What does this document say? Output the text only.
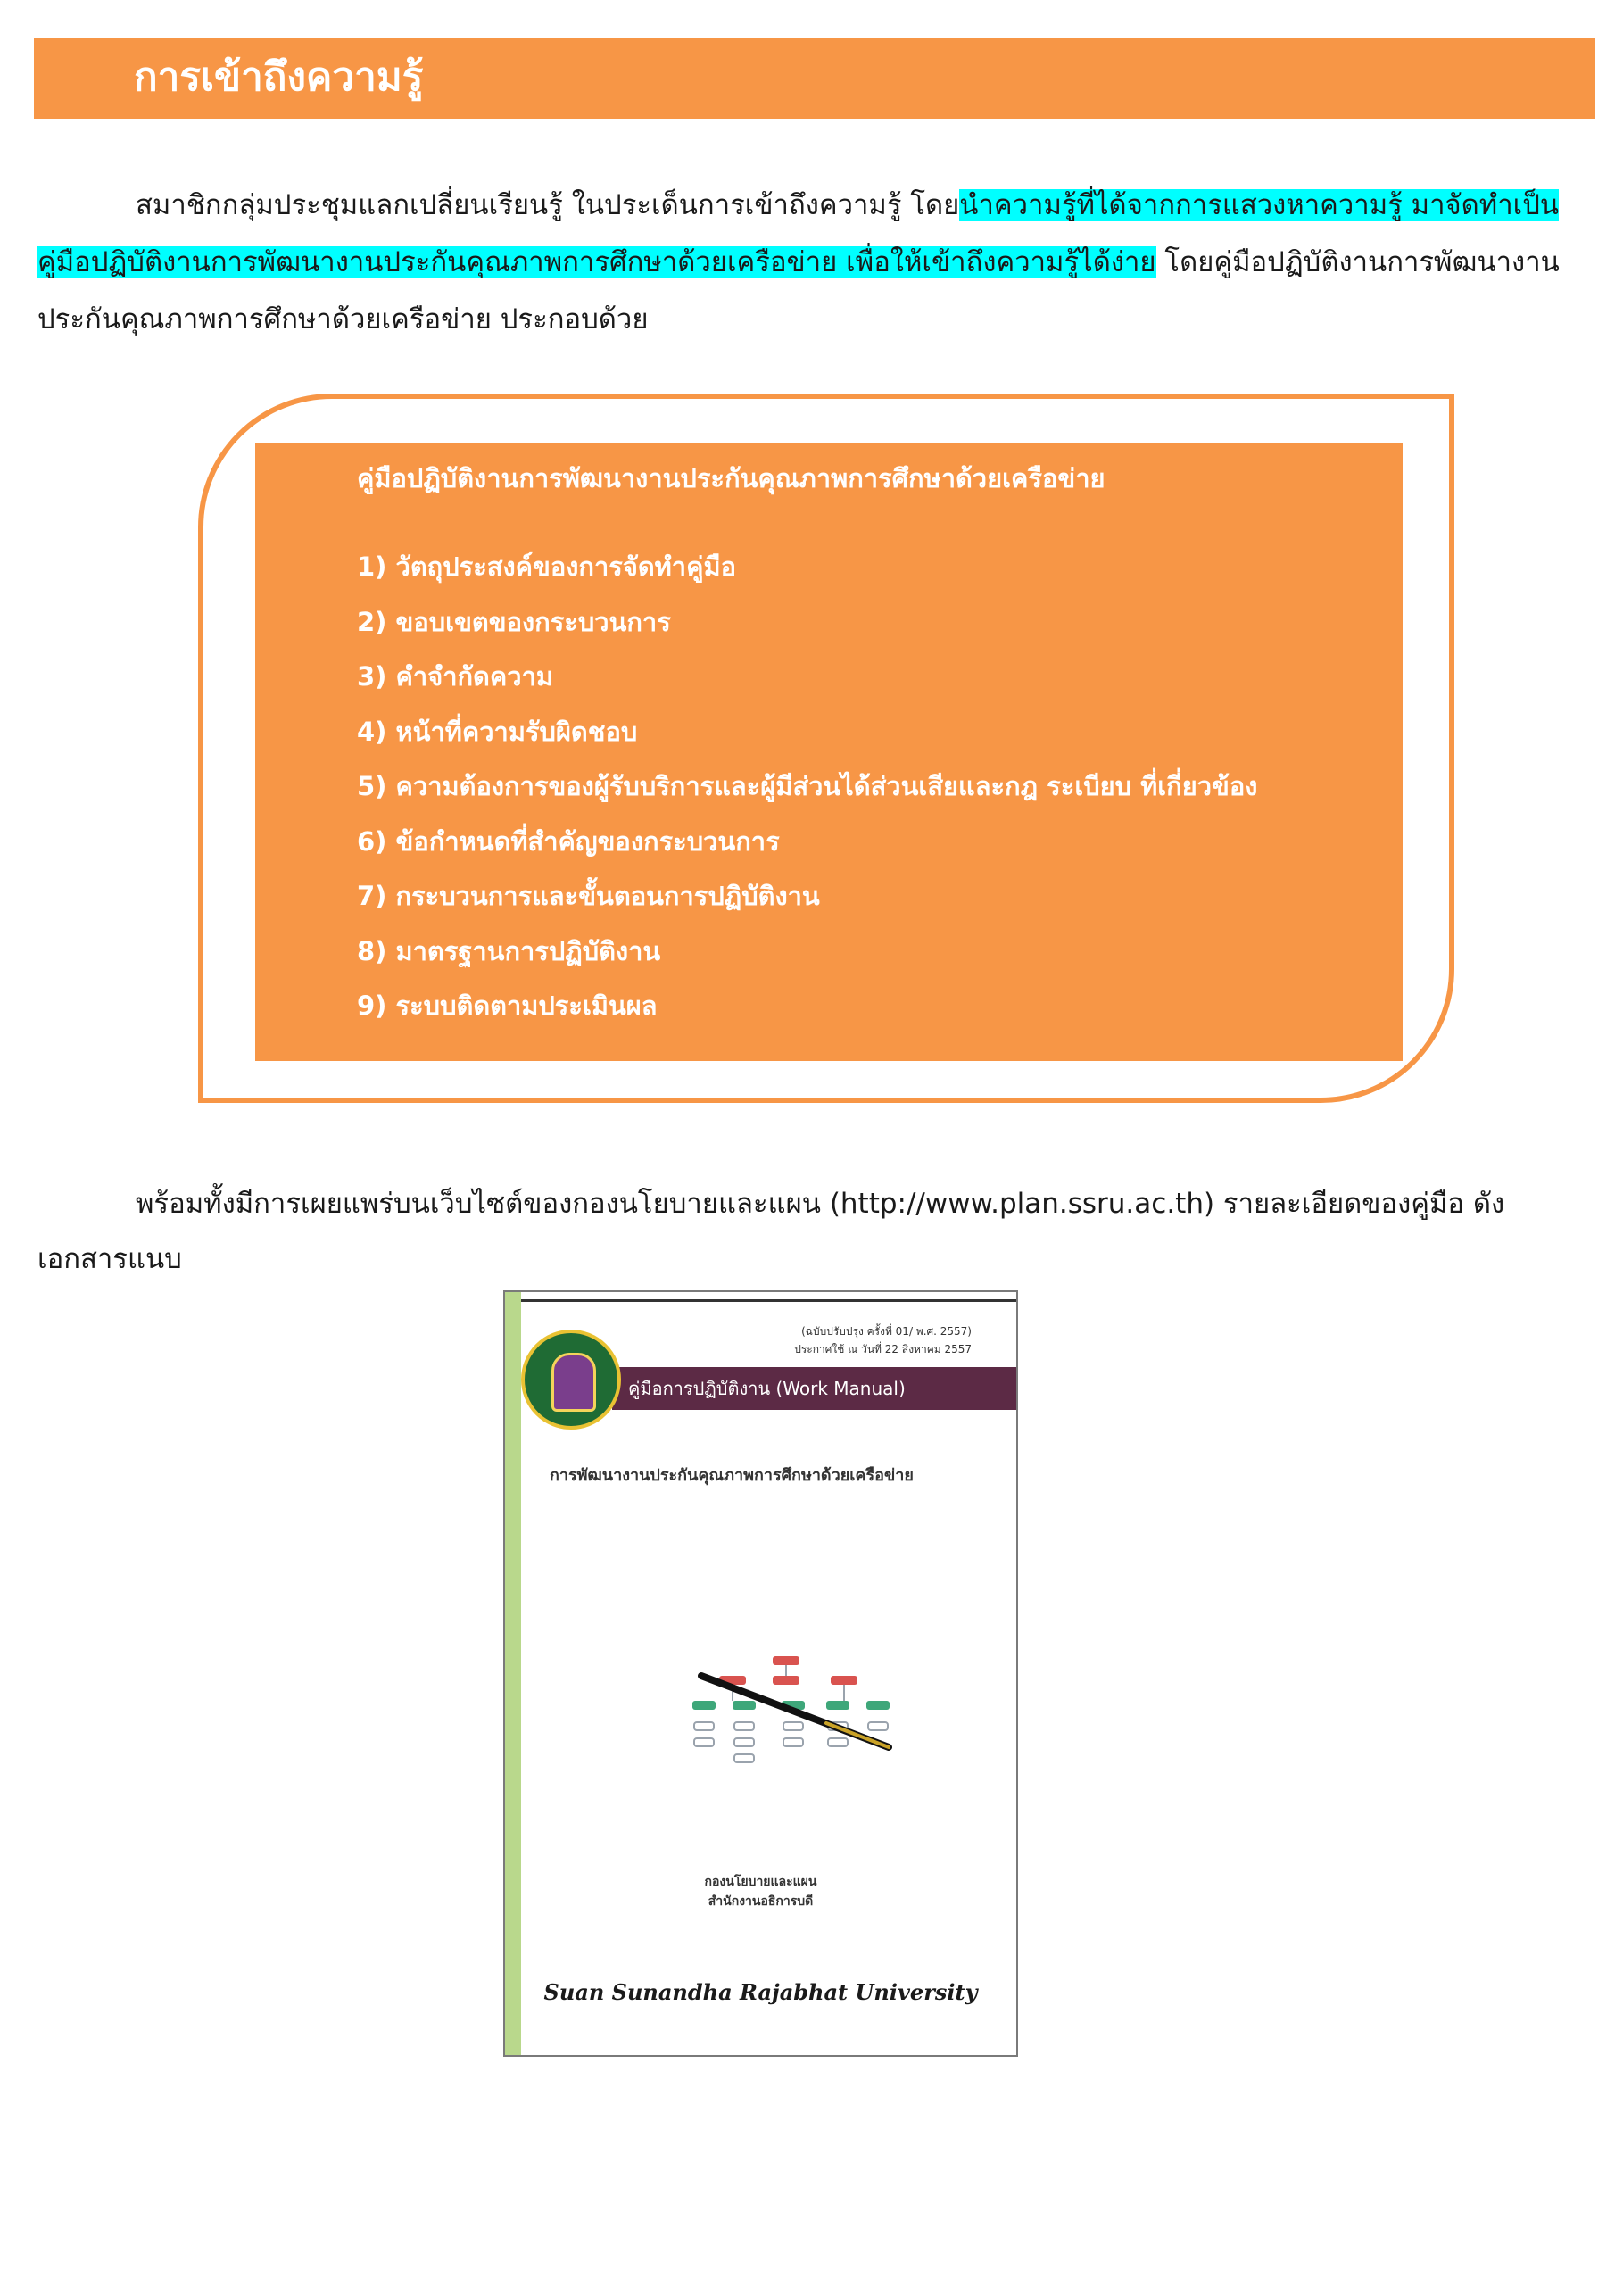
การเข้าถึงความรู้

สมาชิกกลุ่มประชุมแลกเปลี่ยนเรียนรู้ ในประเด็นการเข้าถึงความรู้ โดยนำความรู้ที่ได้จากการแสวงหาความรู้ มาจัดทำเป็น คู่มือปฏิบัติงานการพัฒนางานประกันคุณภาพการศึกษาด้วยเครือข่าย เพื่อให้เข้าถึงความรู้ได้ง่าย โดยคู่มือปฏิบัติงานการพัฒนางานประกันคุณภาพการศึกษาด้วยเครือข่าย ประกอบด้วย

คู่มือปฏิบัติงานการพัฒนางานประกันคุณภาพการศึกษาด้วยเครือข่าย

1) วัตถุประสงค์ของการจัดทำคู่มือ
2) ขอบเขตของกระบวนการ
3) คำจำกัดความ
4) หน้าที่ความรับผิดชอบ
5) ความต้องการของผู้รับบริการและผู้มีส่วนได้ส่วนเสียและกฎ ระเบียบ ที่เกี่ยวข้อง
6) ข้อกำหนดที่สำคัญของกระบวนการ
7) กระบวนการและขั้นตอนการปฏิบัติงาน
8) มาตรฐานการปฏิบัติงาน
9) ระบบติดตามประเมินผล

พร้อมทั้งมีการเผยแพร่บนเว็บไซต์ของกองนโยบายและแผน (http://www.plan.ssru.ac.th) รายละเอียดของคู่มือ ดังเอกสารแนบ

(ฉบับปรับปรุง ครั้งที่ 01/ พ.ศ. 2557)
ประกาศใช้ ณ วันที่ 22 สิงหาคม 2557
คู่มือการปฏิบัติงาน (Work Manual)
การพัฒนางานประกันคุณภาพการศึกษาด้วยเครือข่าย
กองนโยบายและแผน
สำนักงานอธิการบดี
Suan Sunandha Rajabhat University
